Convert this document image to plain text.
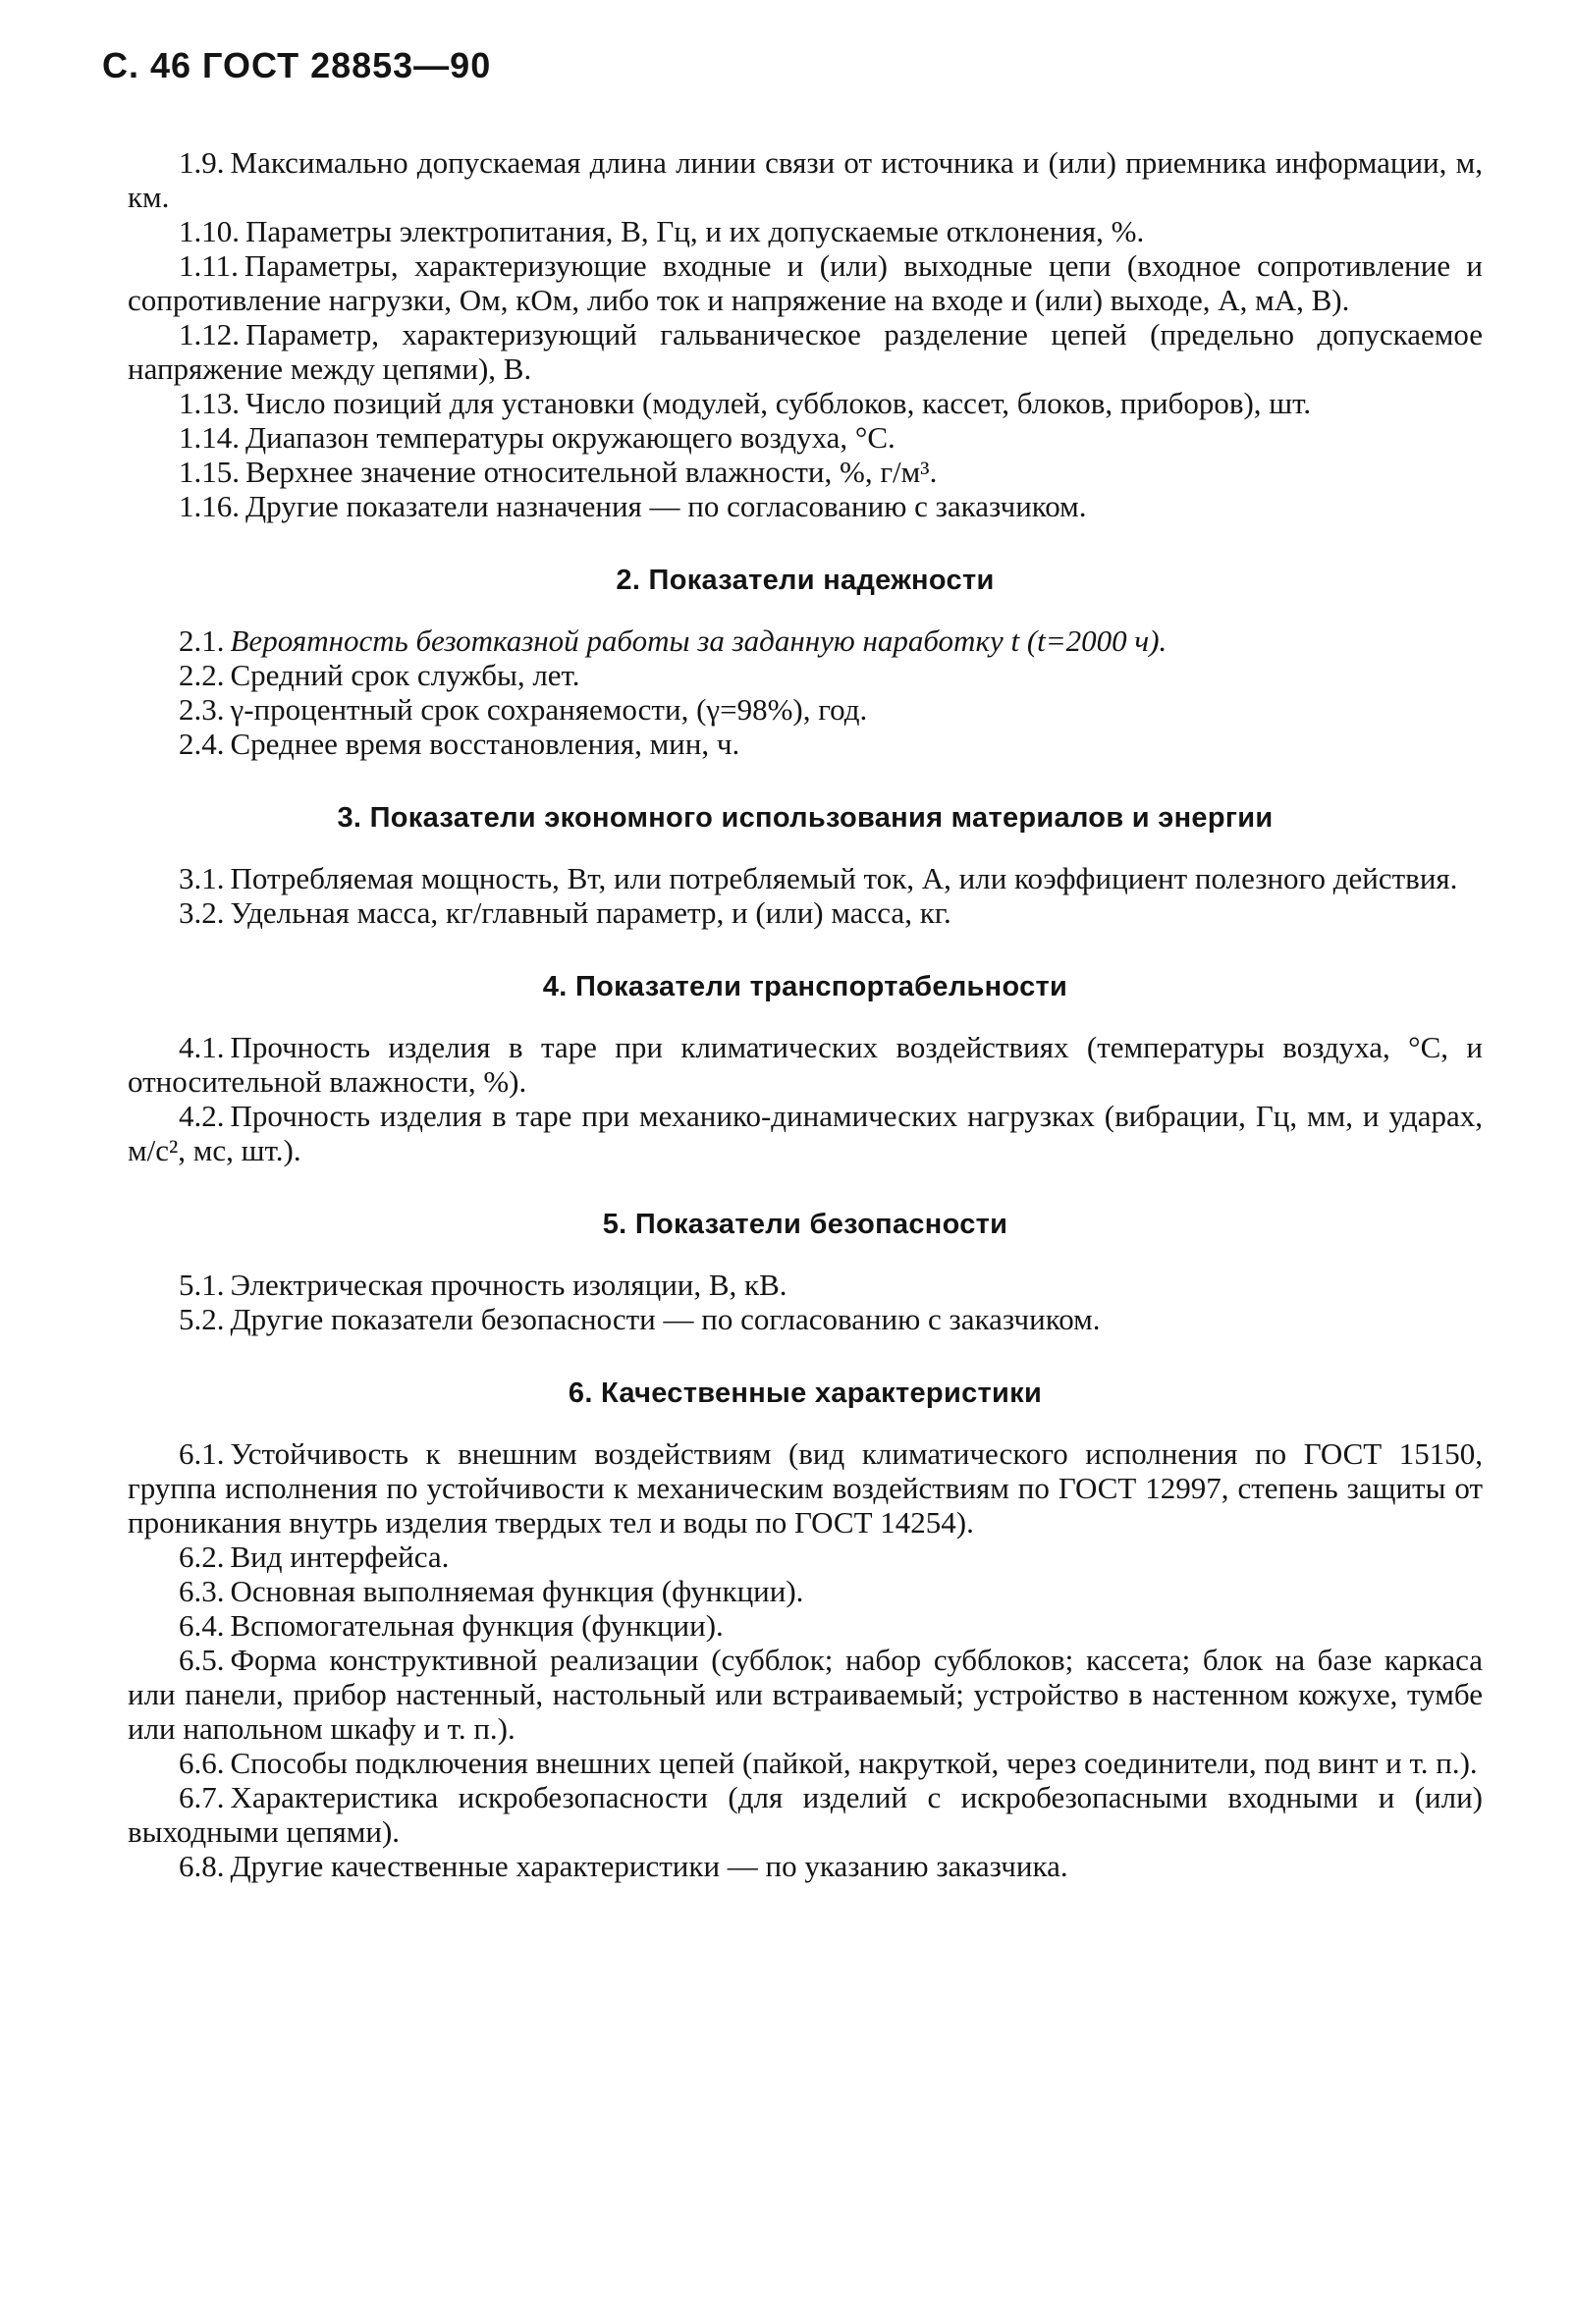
С. 46 ГОСТ 28853—90

1.9. Максимально допускаемая длина линии связи от источника и (или) приемника информации, м, км.

1.10. Параметры электропитания, В, Гц, и их допускаемые отклонения, %.

1.11. Параметры, характеризующие входные и (или) выходные цепи (входное сопротивление и сопротивление нагрузки, Ом, кОм, либо ток и напряжение на входе и (или) выходе, А, мА, В).

1.12. Параметр, характеризующий гальваническое разделение цепей (предельно допускаемое напряжение между цепями), В.

1.13. Число позиций для установки (модулей, субблоков, кассет, блоков, приборов), шт.

1.14. Диапазон температуры окружающего воздуха, °С.

1.15. Верхнее значение относительной влажности, %, г/м³.

1.16. Другие показатели назначения — по согласованию с заказчиком.

2. Показатели надежности

2.1. Вероятность безотказной работы за заданную наработку t (t=2000 ч).

2.2. Средний срок службы, лет.

2.3. γ-процентный срок сохраняемости, (γ=98%), год.

2.4. Среднее время восстановления, мин, ч.

3. Показатели экономного использования материалов и энергии

3.1. Потребляемая мощность, Вт, или потребляемый ток, А, или коэффициент полезного действия.

3.2. Удельная масса, кг/главный параметр, и (или) масса, кг.

4. Показатели транспортабельности

4.1. Прочность изделия в таре при климатических воздействиях (температуры воздуха, °С, и относительной влажности, %).

4.2. Прочность изделия в таре при механико-динамических нагрузках (вибрации, Гц, мм, и ударах, м/с², мс, шт.).

5. Показатели безопасности

5.1. Электрическая прочность изоляции, В, кВ.

5.2. Другие показатели безопасности — по согласованию с заказчиком.

6. Качественные характеристики

6.1. Устойчивость к внешним воздействиям (вид климатического исполнения по ГОСТ 15150, группа исполнения по устойчивости к механическим воздействиям по ГОСТ 12997, степень защиты от проникания внутрь изделия твердых тел и воды по ГОСТ 14254).

6.2. Вид интерфейса.

6.3. Основная выполняемая функция (функции).

6.4. Вспомогательная функция (функции).

6.5. Форма конструктивной реализации (субблок; набор субблоков; кассета; блок на базе каркаса или панели, прибор настенный, настольный или встраиваемый; устройство в настенном кожухе, тумбе или напольном шкафу и т. п.).

6.6. Способы подключения внешних цепей (пайкой, накруткой, через соединители, под винт и т. п.).

6.7. Характеристика искробезопасности (для изделий с искробезопасными входными и (или) выходными цепями).

6.8. Другие качественные характеристики — по указанию заказчика.
